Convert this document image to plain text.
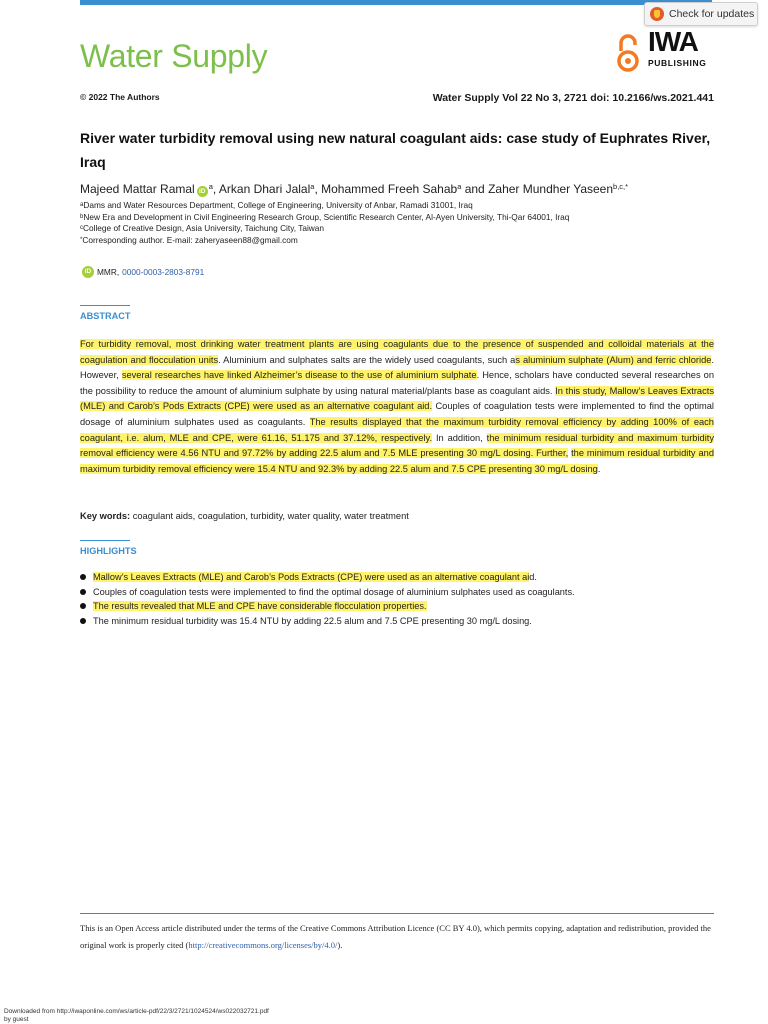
Check for updates
Water Supply	IWA
PUBLISHING
© 2022 The Authors	Water Supply Vol 22 No 3, 2721 doi: 10.2166/ws.2021.441
River water turbidity removal using new natural coagulant aids: case study of Euphrates River, Iraq
Majeed Mattar Ramal $iD^a$, Arkan Dhari Jalal$^a$, Mohammed Freeh Sahab$^a$ and Zaher Mundher Yaseen$^{b,c,*}$
$^a$Dams and Water Resources Department, College of Engineering, University of Anbar, Ramadi 31001, Iraq
$^b$New Era and Development in Civil Engineering Research Group, Scientific Research Center, Al-Ayen University, Thi-Qar 64001, Iraq
$^c$College of Creative Design, Asia University, Taichung City, Taiwan
*Corresponding author. E-mail: zaheryaseen88@gmail.com
iD MMR, 0000-0003-2803-8791
ABSTRACT

For turbidity removal, most drinking water treatment plants are using coagulants due to the presence of suspended and colloidal materials at the coagulation and flocculation units. Aluminium and sulphates salts are the widely used coagulants, such as aluminium sulphate (Alum) and ferric chloride. However, several researches have linked Alzheimer’s disease to the use of aluminium sulphate. Hence, scholars have conducted several researches on the possibility to reduce the amount of aluminium sulphate by using natural material/plants base as coagulant aids. In this study, Mallow’s Leaves Extracts (MLE) and Carob’s Pods Extracts (CPE) were used as an alternative coagulant aid. Couples of coagulation tests were implemented to find the optimal dosage of aluminium sulphates used as coagulants. The results displayed that the maximum turbidity removal efficiency by adding 100% of each coagulant, i.e. alum, MLE and CPE, were 61.16, 51.175 and 37.12%, respectively. In addition, the minimum residual turbidity and maximum turbidity removal efficiency were 4.56 NTU and 97.72% by adding 22.5 alum and 7.5 MLE presenting 30 mg/L dosing. Further, the minimum residual turbidity and maximum turbidity removal efficiency were 15.4 NTU and 92.3% by adding 22.5 alum and 7.5 CPE presenting 30 mg/L dosing.

Key words: coagulant aids, coagulation, turbidity, water quality, water treatment
HIGHLIGHTS
Mallow’s Leaves Extracts (MLE) and Carob’s Pods Extracts (CPE) were used as an alternative coagulant aid.
Couples of coagulation tests were implemented to find the optimal dosage of aluminium sulphates used as coagulants.
The results revealed that MLE and CPE have considerable flocculation properties.
The minimum residual turbidity was 15.4 NTU by adding 22.5 alum and 7.5 CPE presenting 30 mg/L dosing.

This is an Open Access article distributed under the terms of the Creative Commons Attribution Licence (CC BY 4.0), which permits copying, adaptation and redistribution, provided the original work is properly cited (http://creativecommons.org/licenses/by/4.0/).

Downloaded from http://iwaponline.com/ws/article-pdf/22/3/2721/1024524/ws022032721.pdf
by guest
